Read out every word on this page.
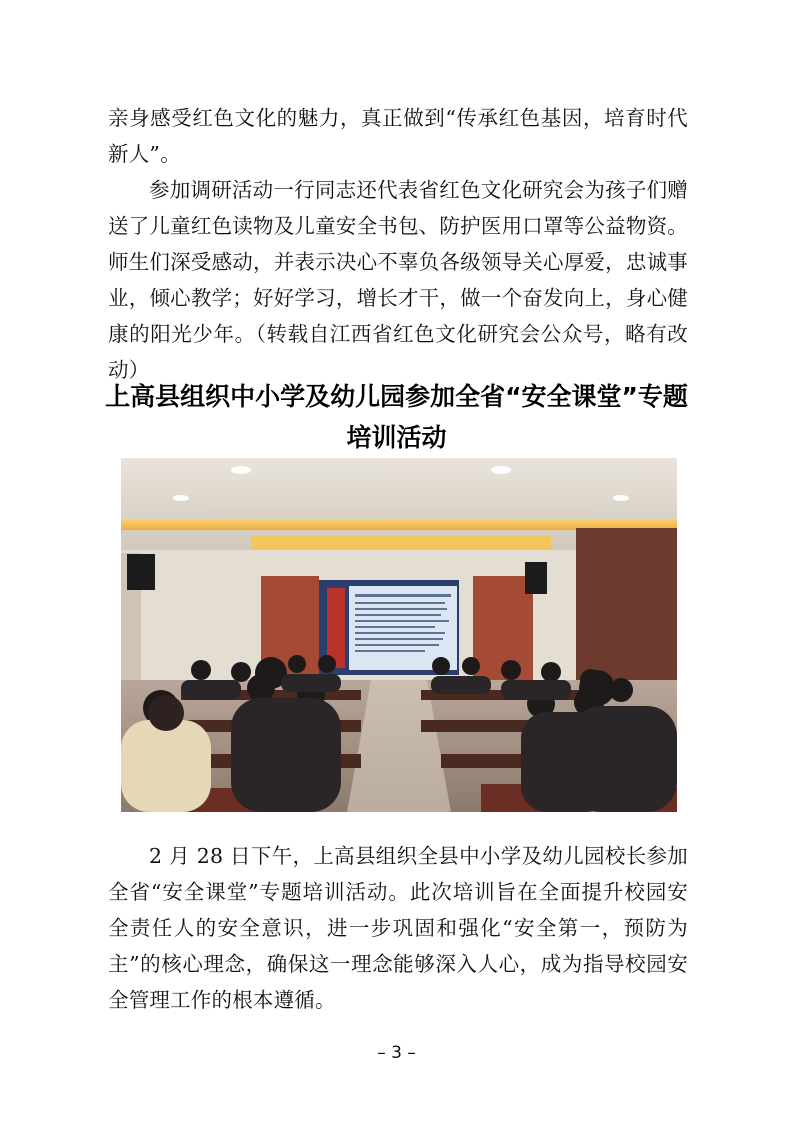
亲身感受红色文化的魅力，真正做到“传承红色基因，培育时代新人”。

参加调研活动一行同志还代表省红色文化研究会为孩子们赠送了儿童红色读物及儿童安全书包、防护医用口罩等公益物资。师生们深受感动，并表示决心不辜负各级领导关心厚爱，忠诚事业，倾心教学；好好学习，增长才干，做一个奋发向上，身心健康的阳光少年。（转载自江西省红色文化研究会公众号，略有改动）

上高县组织中小学及幼儿园参加全省“安全课堂”专题
培训活动

2 月 28 日下午，上高县组织全县中小学及幼儿园校长参加全省“安全课堂”专题培训活动。此次培训旨在全面提升校园安全责任人的安全意识，进一步巩固和强化“安全第一，预防为主”的核心理念，确保这一理念能够深入人心，成为指导校园安全管理工作的根本遵循。

– 3 –
